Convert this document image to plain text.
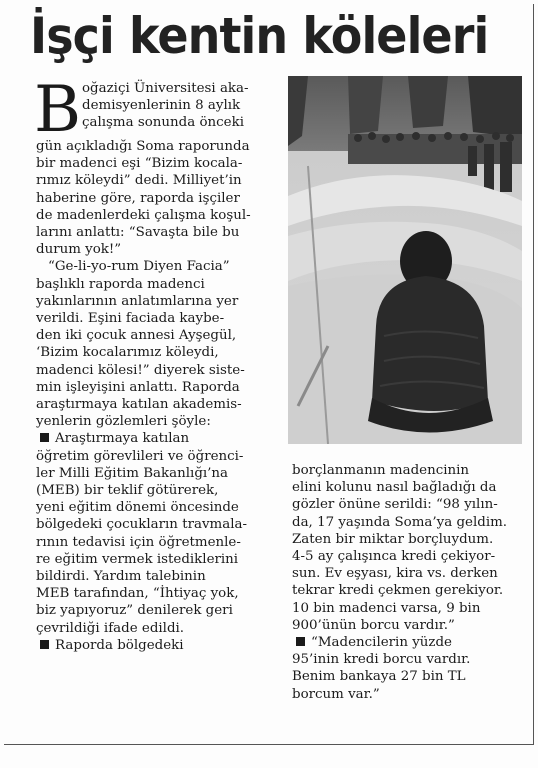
İşçi kentin köleleri
B oğaziçi Üniversitesi aka-
demisyenlerinin 8 aylık
çalışma sonunda önceki
gün açıkladığı Soma raporunda
bir madenci eşi “Bizim kocala-
rımız köleydi” dedi. Milliyet’in
haberine göre, raporda işçiler
de madenlerdeki çalışma koşul-
larını anlattı: “Savaşta bile bu
durum yok!”
“Ge-li-yo-rum Diyen Facia”
başlıklı raporda madenci
yakınlarının anlatımlarına yer
verildi. Eşini faciada kaybe-
den iki çocuk annesi Ayşegül,
‘Bizim kocalarımız köleydi,
madenci kölesi!” diyerek siste-
min işleyişini anlattı. Raporda
araştırmaya katılan akademis-
yenlerin gözlemleri şöyle:
Araştırmaya katılan
öğretim görevlileri ve öğrenci-
ler Milli Eğitim Bakanlığı’na
(MEB) bir teklif götürerek,
yeni eğitim dönemi öncesinde
bölgedeki çocukların travmala-
rının tedavisi için öğretmenle-
re eğitim vermek istediklerini
bildirdi. Yardım talebinin
MEB tarafından, “İhtiyaç yok,
biz yapıyoruz” denilerek geri
çevrildiği ifade edildi.
Raporda bölgedeki
borçlanmanın madencinin
elini kolunu nasıl bağladığı da
gözler önüne serildi: “98 yılın-
da, 17 yaşında Soma’ya geldim.
Zaten bir miktar borçluydum.
4-5 ay çalışınca kredi çekiyor-
sun. Ev eşyası, kira vs. derken
tekrar kredi çekmen gerekiyor.
10 bin madenci varsa, 9 bin
900’ünün borcu vardır.”
“Madencilerin yüzde
95’inin kredi borcu vardır.
Benim bankaya 27 bin TL
borcum var.”
